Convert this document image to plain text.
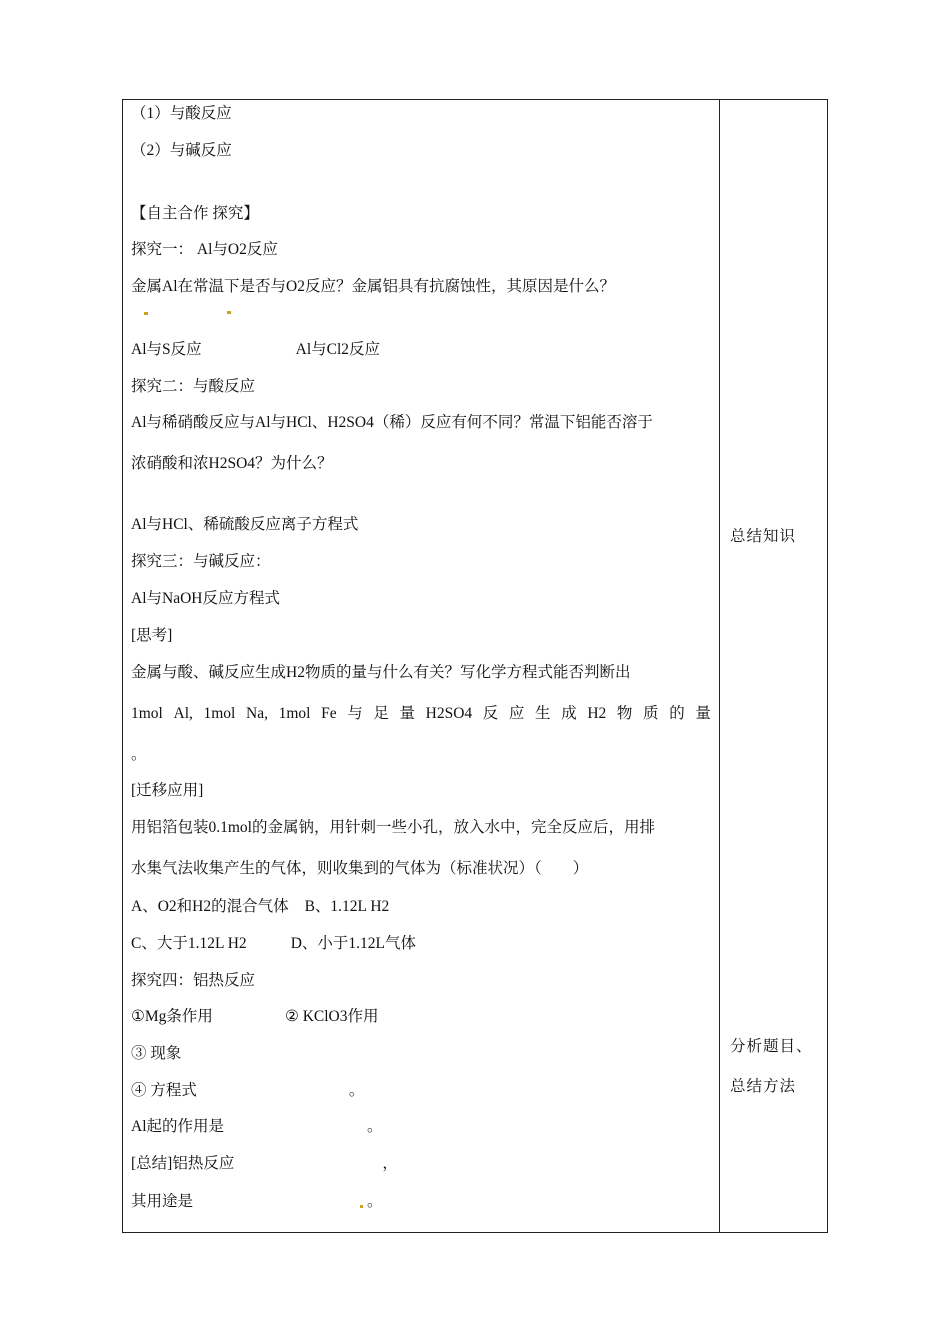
（1）与酸反应
（2）与碱反应
【自主合作 探究】
探究一： Al与O2反应
金属Al在常温下是否与O2反应？金属铝具有抗腐蚀性，其原因是什么？
Al与S反应	Al与Cl2反应
探究二：与酸反应
Al与稀硝酸反应与Al与HCl、H2SO4（稀）反应有何不同？常温下铝能否溶于
浓硝酸和浓H2SO4？为什么？
Al与HCl、稀硫酸反应离子方程式
探究三：与碱反应：
Al与NaOH反应方程式
[思考]
金属与酸、碱反应生成H2物质的量与什么有关？写化学方程式能否判断出
1mol Al, 1mol Na, 1mol Fe 与 足 量 H2SO4 反 应 生 成 H2 物 质 的 量
。
[迁移应用]
用铝箔包装0.1mol的金属钠，用针刺一些小孔，放入水中，完全反应后，用排
水集气法收集产生的气体，则收集到的气体为（标准状况）（　　）
A、O2和H2的混合气体 B、1.12L H2
C、大于1.12L H2	D、小于1.12L气体
探究四：铝热反应
①Mg条作用	② KClO3作用
③ 现象
④ 方程式	。
Al起的作用是	。
[总结]铝热反应	，
其用途是	。
总结知识
分析题目、
总结方法
